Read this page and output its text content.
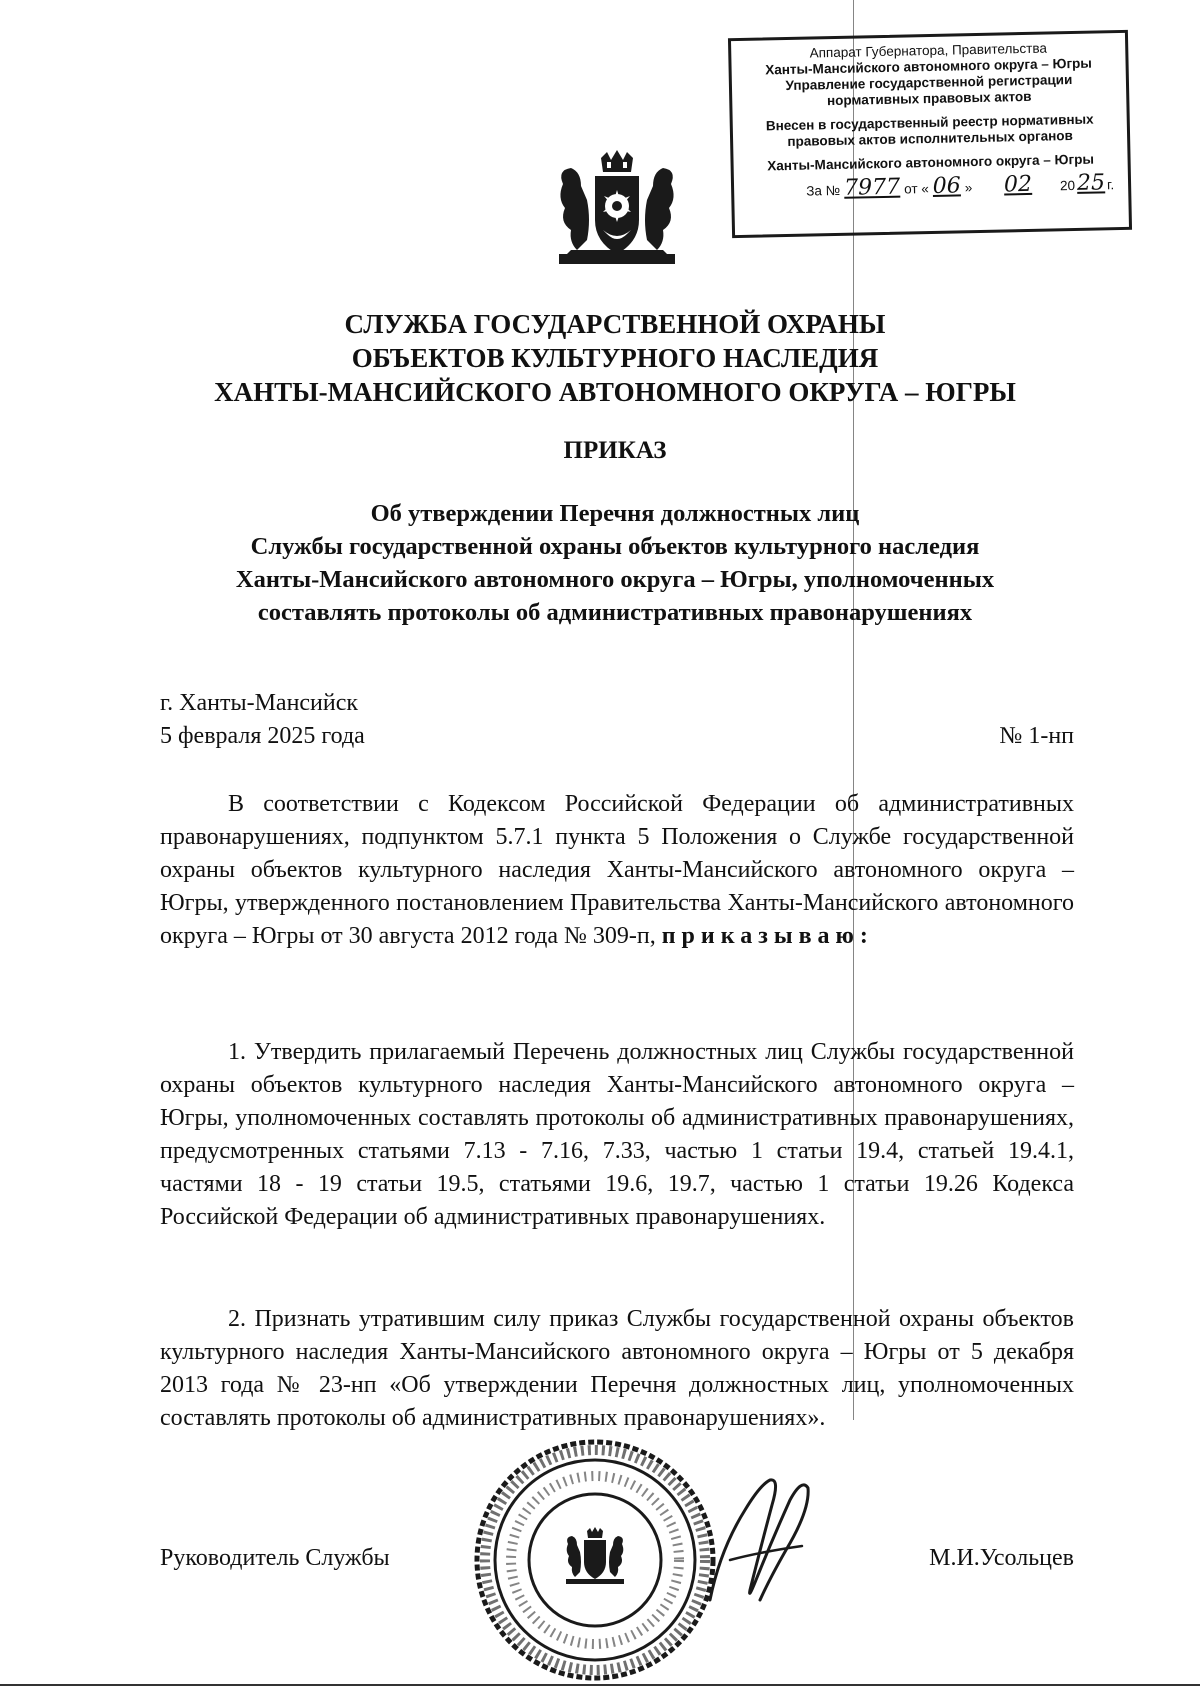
Аппарат Губернатора, Правительства
Ханты-Мансийского автономного округа – Югры
Управление государственной регистрации
нормативных правовых актов
Внесен в государственный реестр нормативных
правовых актов исполнительных органов
Ханты-Мансийского автономного округа – Югры
За № 7977 от « 06 » 02 2025 г.
СЛУЖБА ГОСУДАРСТВЕННОЙ ОХРАНЫ
ОБЪЕКТОВ КУЛЬТУРНОГО НАСЛЕДИЯ
ХАНТЫ-МАНСИЙСКОГО АВТОНОМНОГО ОКРУГА – ЮГРЫ
ПРИКАЗ
Об утверждении Перечня должностных лиц
Службы государственной охраны объектов культурного наследия
Ханты-Мансийского автономного округа – Югры, уполномоченных
составлять протоколы об административных правонарушениях
г. Ханты-Мансийск
5 февраля 2025 года	№ 1-нп

В соответствии с Кодексом Российской Федерации об административных правонарушениях, подпунктом 5.7.1 пункта 5 Положения о Службе государственной охраны объектов культурного наследия Ханты-Мансийского автономного округа – Югры, утвержденного постановлением Правительства Ханты-Мансийского автономного округа – Югры от 30 августа 2012 года № 309-п, приказываю:

1. Утвердить прилагаемый Перечень должностных лиц Службы государственной охраны объектов культурного наследия Ханты-Мансийского автономного округа – Югры, уполномоченных составлять протоколы об административных правонарушениях, предусмотренных статьями 7.13 - 7.16, 7.33, частью 1 статьи 19.4, статьей 19.4.1, частями 18 - 19 статьи 19.5, статьями 19.6, 19.7, частью 1 статьи 19.26 Кодекса Российской Федерации об административных правонарушениях.

2. Признать утратившим силу приказ Службы государственной охраны объектов культурного наследия Ханты-Мансийского автономного округа – Югры от 5 декабря 2013 года № 23-нп «Об утверждении Перечня должностных лиц, уполномоченных составлять протоколы об административных правонарушениях».

Руководитель Службы	М.И.Усольцев
